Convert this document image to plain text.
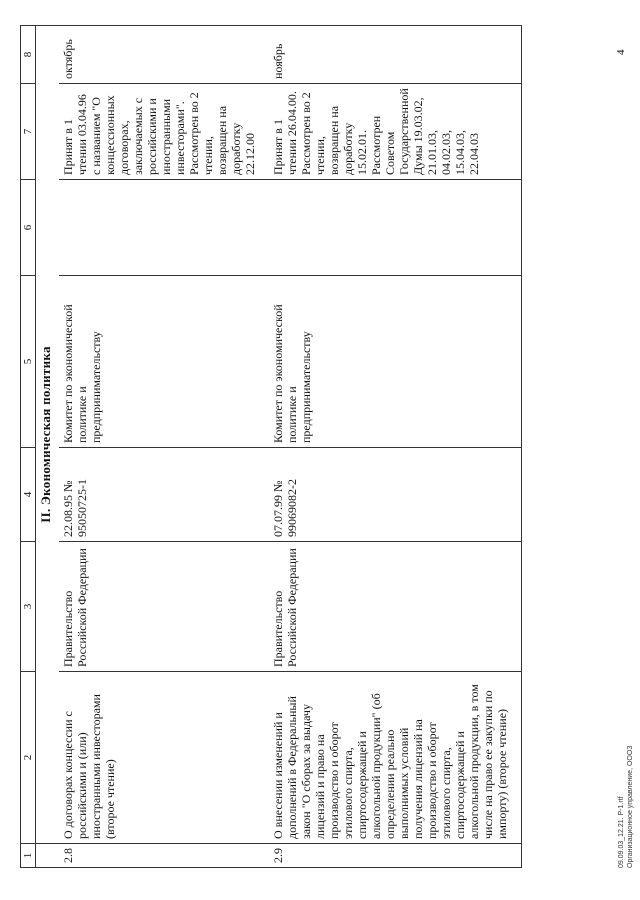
1	2	3	4	5	6	7	8
	II. Экономическая политика						
2.8	О договорах концессии с российскими и (или) иностранными инвесторами (второе чтение)	Правительство Российской Федерации	22.08.95 № 95050725-1	Комитет по экономической политике и предпринимательству		Принят в 1 чтении 03.04.96 с названием "О концессионных договорах, заключаемых с российскими и иностранными инвесторами". Рассмотрен во 2 чтении, возвращен на доработку 22.12.00	октябрь
2.9	О внесении изменений и дополнений в Федеральный закон "О сборах за выдачу лицензий и право на производство и оборот этилового спирта, спиртосодержащей и алкогольной продукции" (об определении реально выполнимых условий получения лицензий на производство и оборот этилового спирта, спиртосодержащей и алкогольной продукции, в том числе на право ее закупки по импорту) (второе чтение)	Правительство Российской Федерации	07.07.99 № 99069082-2	Комитет по экономической политике и предпринимательству		Принят в 1 чтении 26.04.00. Рассмотрен во 2 чтении, возвращен на доработку 15.02.01. Рассмотрен Советом Государственной Думы 19.03.02, 21.01.03, 04.02.03, 15.04.03, 22.04.03	ноябрь	4
09.09.03_12.21. P-1.rtf Организационное управление, ОООЗ
